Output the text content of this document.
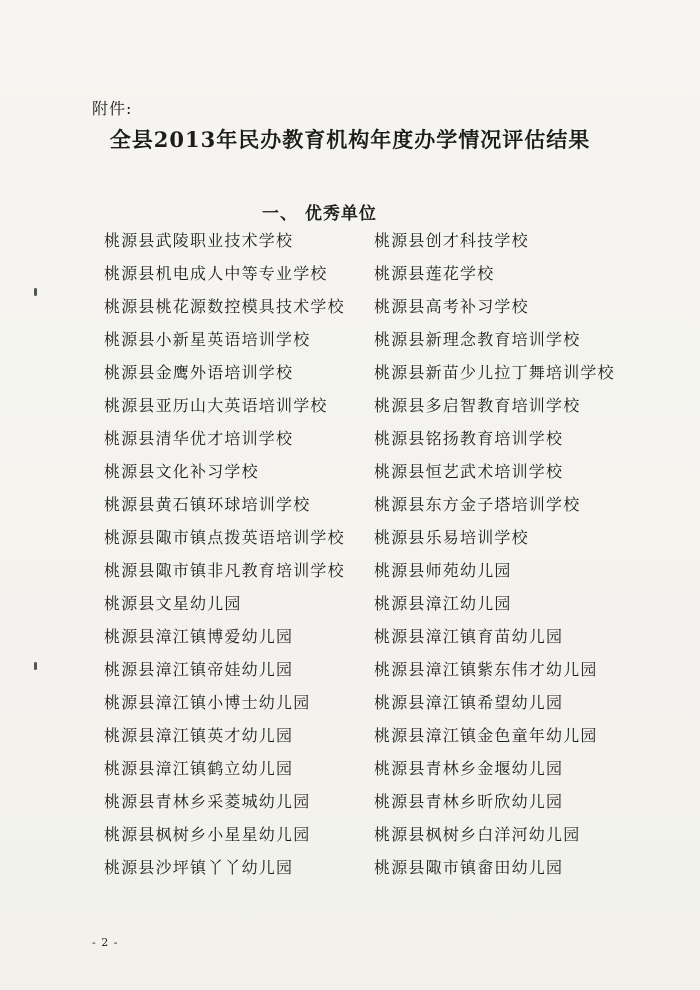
附件:
全县2013年民办教育机构年度办学情况评估结果
一、 优秀单位
桃源县武陵职业技术学校
桃源县机电成人中等专业学校
桃源县桃花源数控模具技术学校
桃源县小新星英语培训学校
桃源县金鹰外语培训学校
桃源县亚历山大英语培训学校
桃源县清华优才培训学校
桃源县文化补习学校
桃源县黄石镇环球培训学校
桃源县陬市镇点拨英语培训学校
桃源县陬市镇非凡教育培训学校
桃源县文星幼儿园
桃源县漳江镇博爱幼儿园
桃源县漳江镇帝娃幼儿园
桃源县漳江镇小博士幼儿园
桃源县漳江镇英才幼儿园
桃源县漳江镇鹤立幼儿园
桃源县青林乡采菱城幼儿园
桃源县枫树乡小星星幼儿园
桃源县沙坪镇丫丫幼儿园
桃源县创才科技学校
桃源县莲花学校
桃源县高考补习学校
桃源县新理念教育培训学校
桃源县新苗少儿拉丁舞培训学校
桃源县多启智教育培训学校
桃源县铭扬教育培训学校
桃源县恒艺武术培训学校
桃源县东方金子塔培训学校
桃源县乐易培训学校
桃源县师苑幼儿园
桃源县漳江幼儿园
桃源县漳江镇育苗幼儿园
桃源县漳江镇紫东伟才幼儿园
桃源县漳江镇希望幼儿园
桃源县漳江镇金色童年幼儿园
桃源县青林乡金堰幼儿园
桃源县青林乡昕欣幼儿园
桃源县枫树乡白洋河幼儿园
桃源县陬市镇畲田幼儿园
- 2 -
